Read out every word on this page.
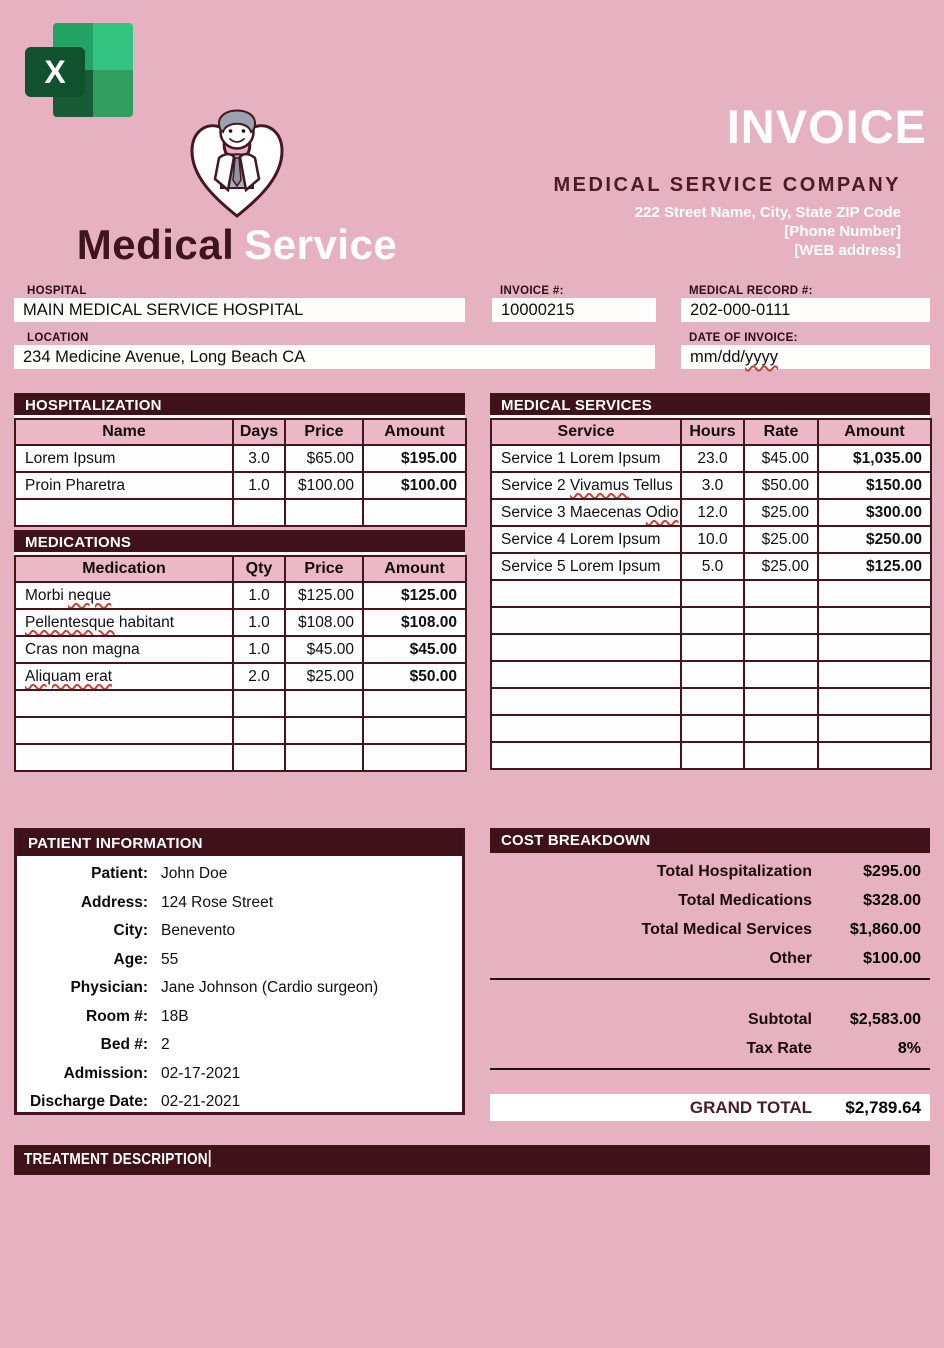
X
Medical Service
INVOICE
MEDICAL SERVICE COMPANY
222 Street Name, City, State ZIP Code
[Phone Number]
[WEB address]
HOSPITAL
MAIN MEDICAL SERVICE HOSPITAL
INVOICE #:
10000215
MEDICAL RECORD #:
202-000-0111
LOCATION
234 Medicine Avenue, Long Beach CA
DATE OF INVOICE:
mm/dd/yyyy
HOSPITALIZATION
Name	Days	Price	Amount
Lorem Ipsum	3.0	$65.00	$195.00
Proin Pharetra	1.0	$100.00	$100.00

MEDICATIONS
Medication	Qty	Price	Amount
Morbi neque	1.0	$125.00	$125.00
Pellentesque habitant	1.0	$108.00	$108.00
Cras non magna	1.0	$45.00	$45.00
Aliquam erat	2.0	$25.00	$50.00

MEDICAL SERVICES
Service	Hours	Rate	Amount
Service 1 Lorem Ipsum	23.0	$45.00	$1,035.00
Service 2 Vivamus Tellus	3.0	$50.00	$150.00
Service 3 Maecenas Odio	12.0	$25.00	$300.00
Service 4 Lorem Ipsum	10.0	$25.00	$250.00
Service 5 Lorem Ipsum	5.0	$25.00	$125.00

PATIENT INFORMATION
Patient: John Doe
Address: 124 Rose Street
City: Benevento
Age: 55
Physician: Jane Johnson (Cardio surgeon)
Room #: 18B
Bed #: 2
Admission: 02-17-2021
Discharge Date: 02-21-2021
COST BREAKDOWN
Total Hospitalization	$295.00
Total Medications	$328.00
Total Medical Services	$1,860.00
Other	$100.00
Subtotal	$2,583.00
Tax Rate	8%
GRAND TOTAL	$2,789.64
TREATMENT DESCRIPTION
